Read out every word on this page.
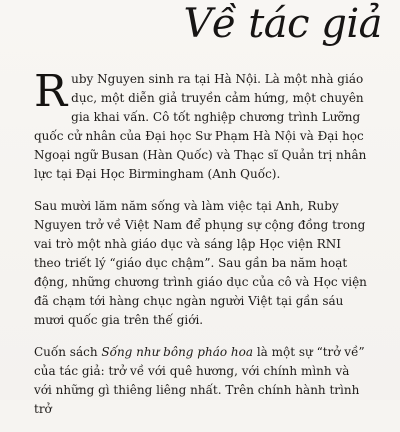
Về tác giả

Ruby Nguyen sinh ra tại Hà Nội. Là một nhà giáo dục, một diễn giả truyền cảm hứng, một chuyên gia khai vấn. Cô tốt nghiệp chương trình Lưỡng quốc cử nhân của Đại học Sư Phạm Hà Nội và Đại học Ngoại ngữ Busan (Hàn Quốc) và Thạc sĩ Quản trị nhân lực tại Đại Học Birmingham (Anh Quốc).

Sau mười lăm năm sống và làm việc tại Anh, Ruby Nguyen trở về Việt Nam để phụng sự cộng đồng trong vai trò một nhà giáo dục và sáng lập Học viện RNI theo triết lý “giáo dục chậm”. Sau gần ba năm hoạt động, những chương trình giáo dục của cô và Học viện đã chạm tới hàng chục ngàn người Việt tại gần sáu mươi quốc gia trên thế giới.

Cuốn sách Sống như bông pháo hoa là một sự “trở về” của tác giả: trở về với quê hương, với chính mình và với những gì thiêng liêng nhất. Trên chính hành trình trở
